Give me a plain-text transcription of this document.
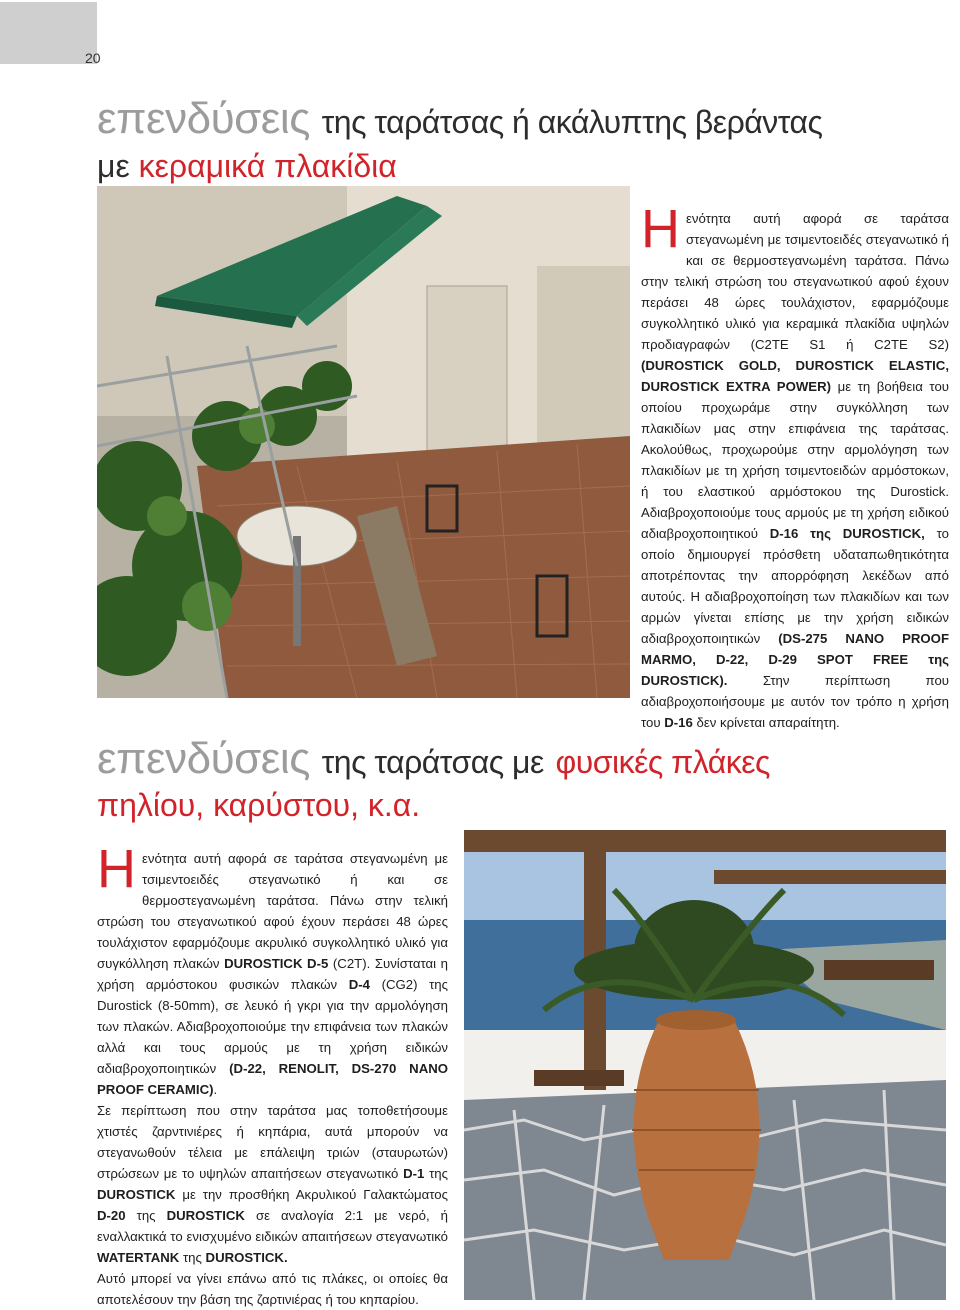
20
επενδύσεις της ταράτσας ή ακάλυπτης βεράντας
με κεραμικά πλακίδια
Η ενότητα αυτή αφορά σε ταράτσα στεγανωμένη με τσιμεντοειδές στεγανωτικό ή και σε θερμοστεγανωμένη ταράτσα. Πάνω στην τελική στρώση του στεγανωτικού αφού έχουν περάσει 48 ώρες τουλάχιστον, εφαρμόζουμε συγκολλητικό υλικό για κεραμικά πλακίδια υψηλών προδιαγραφών (C2TE S1 ή C2TE S2) (DUROSTICK GOLD, DUROSTICK ELASTIC, DUROSTICK EXTRA POWER) με τη βοήθεια του οποίου προχωράμε στην συγκόλληση των πλακιδίων μας στην επιφάνεια της ταράτσας. Ακολούθως, προχωρούμε στην αρμολόγηση των πλακιδίων με τη χρήση τσιμεντοειδών αρμόστοκων, ή του ελαστικού αρμόστοκου της Durostick. Αδιαβροχοποιούμε τους αρμούς με τη χρήση ειδικού αδιαβροχοποιητικού D-16 της DUROSTICK, το οποίο δημιουργεί πρόσθετη υδαταπωθητικότητα αποτρέποντας την απορρόφηση λεκέδων από αυτούς. Η αδιαβροχοποίηση των πλακιδίων και των αρμών γίνεται επίσης με την χρήση ειδικών αδιαβροχοποιητικών (DS-275 NANO PROOF MARMO, D-22, D-29 SPOT FREE της DUROSTICK).	Στην περίπτωση που αδιαβροχοποιήσουμε με αυτόν τον τρόπο η χρήση του D-16 δεν κρίνεται απαραίτητη.
επενδύσεις της ταράτσας με φυσικές πλάκες
πηλίου, καρύστου, κ.α.
Η ενότητα αυτή αφορά σε ταράτσα στεγανωμένη με τσιμεντοειδές στεγανωτικό ή και σε θερμοστεγανωμένη ταράτσα. Πάνω στην τελική στρώση του στεγανωτικού αφού έχουν περάσει 48 ώρες τουλάχιστον εφαρμόζουμε ακρυλικό συγκολλητικό υλικό για συγκόλληση πλακών DUROSTICK D-5 (C2T). Συνίσταται η χρήση αρμόστοκου φυσικών πλακών D-4 (CG2) της Durostick (8-50mm), σε λευκό ή γκρι για την αρμολόγηση των πλακών. Αδιαβροχοποιούμε την επιφάνεια των πλακών αλλά και τους αρμούς με τη χρήση ειδικών αδιαβροχοποιητικών (D-22, RENOLIT, DS-270 NANO PROOF CERAMIC).
Σε περίπτωση που στην ταράτσα μας τοποθετήσουμε χτιστές ζαρντινιέρες ή κηπάρια, αυτά μπορούν να στεγανωθούν τέλεια με επάλειψη τριών (σταυρωτών) στρώσεων με το υψηλών απαιτήσεων στεγανωτικό D-1 της DUROSTICK με την προσθήκη Ακρυλικού Γαλακτώματος D-20 της DUROSTICK σε αναλογία 2:1 με νερό, ή εναλλακτικά το ενισχυμένο ειδικών απαιτήσεων στεγανωτικό WATERTANK της DUROSTICK.
Αυτό μπορεί να γίνει επάνω από τις πλάκες, οι οποίες θα αποτελέσουν την βάση της ζαρτινιέρας ή του κηπαρίου.
